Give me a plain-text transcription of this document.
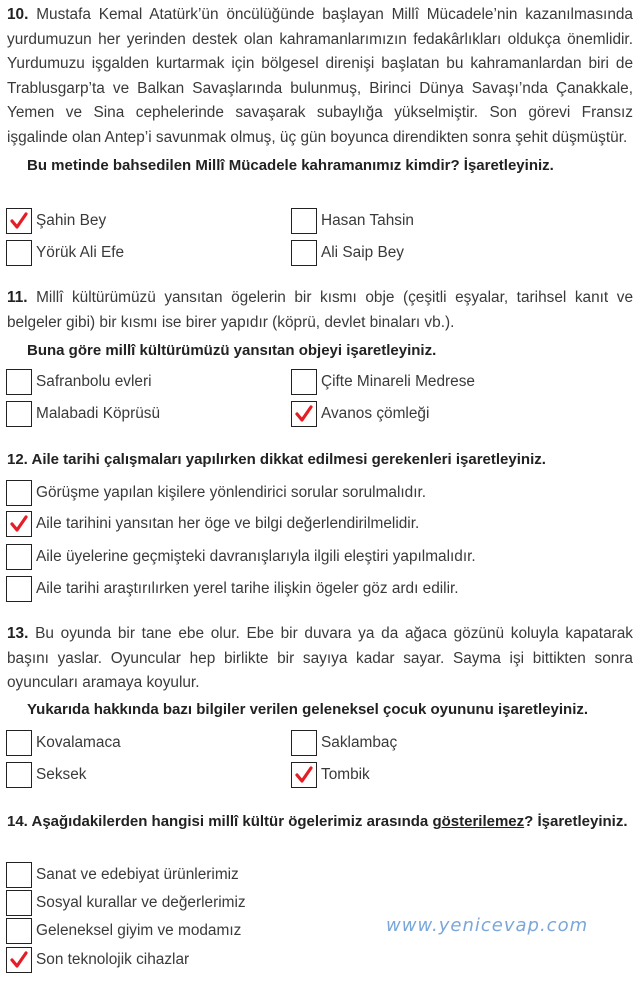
10. Mustafa Kemal Atatürk’ün öncülüğünde başlayan Millî Mücadele’nin kazanılmasında yurdumuzun her yerinden destek olan kahramanlarımızın fedakârlıkları oldukça önemlidir. Yurdumuzu işgalden kurtarmak için bölgesel direnişi başlatan bu kahramanlardan biri de Trablusgarp’ta ve Balkan Savaşlarında bulunmuş, Birinci Dünya Savaşı’nda Çanakkale, Yemen ve Sina cephelerinde savaşarak subaylığa yükselmiştir. Son görevi Fransız işgalinde olan Antep’i savunmak olmuş, üç gün boyunca direndikten sonra şehit düşmüştür.

Bu metinde bahsedilen Millî Mücadele kahramanımız kimdir? İşaretleyiniz.
Şahin Bey	Hasan Tahsin
Yörük Ali Efe	Ali Saip Bey

11. Millî kültürümüzü yansıtan ögelerin bir kısmı obje (çeşitli eşyalar, tarihsel kanıt ve belgeler gibi) bir kısmı ise birer yapıdır (köprü, devlet binaları vb.).

Buna göre millî kültürümüzü yansıtan objeyi işaretleyiniz.
Safranbolu evleri	Çifte Minareli Medrese
Malabadi Köprüsü	Avanos çömleği
12. Aile tarihi çalışmaları yapılırken dikkat edilmesi gerekenleri işaretleyiniz.
Görüşme yapılan kişilere yönlendirici sorular sorulmalıdır.
Aile tarihini yansıtan her öge ve bilgi değerlendirilmelidir.
Aile üyelerine geçmişteki davranışlarıyla ilgili eleştiri yapılmalıdır.
Aile tarihi araştırılırken yerel tarihe ilişkin ögeler göz ardı edilir.

13. Bu oyunda bir tane ebe olur. Ebe bir duvara ya da ağaca gözünü koluyla kapatarak başını yaslar. Oyuncular hep birlikte bir sayıya kadar sayar. Sayma işi bittikten sonra oyuncuları aramaya koyulur.

Yukarıda hakkında bazı bilgiler verilen geleneksel çocuk oyununu işaretleyiniz.
Kovalamaca	Saklambaç
Seksek	Tombik
14. Aşağıdakilerden hangisi millî kültür ögelerimiz arasında gösterilemez? İşaretleyiniz.
Sanat ve edebiyat ürünlerimiz
Sosyal kurallar ve değerlerimiz
Geleneksel giyim ve modamız
Son teknolojik cihazlar
www.yenicevap.com
